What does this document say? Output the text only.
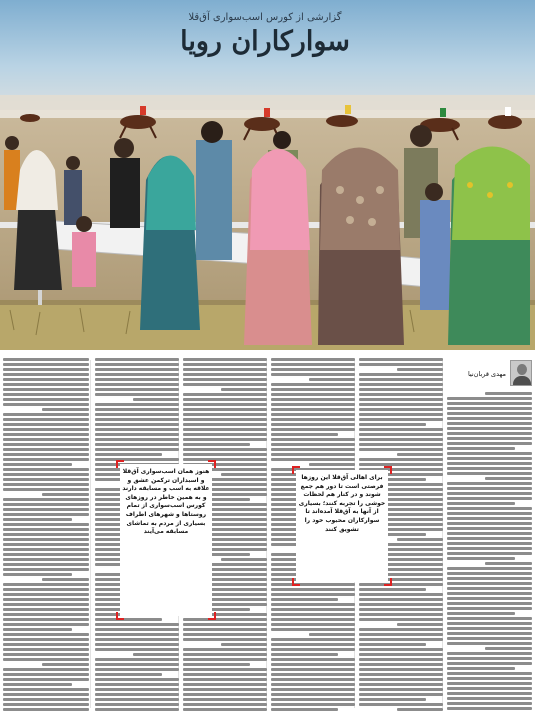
گزارشی از کورس اسب‌سواری آق‌قلا
سوارکاران رویا
مهدی قربان‌نیا
هنوز همان اسب‌سواری آق‌قلا و اسبداران ترکمن عشق و علاقه به اسب و مسابقه دارند و به همین خاطر در روزهای کورس اسب‌سواری از تمام روستاها و شهرهای اطراف بسیاری از مردم به تماشای مسابقه می‌آیند
برای اهالی آق‌قلا این روزها فرصتی است تا دور هم جمع شوند و در کنار هم لحظات خوشی را تجربه کنند؛ بسیاری از آنها به آق‌قلا آمده‌اند تا سوارکاران محبوب خود را تشویق کنند
